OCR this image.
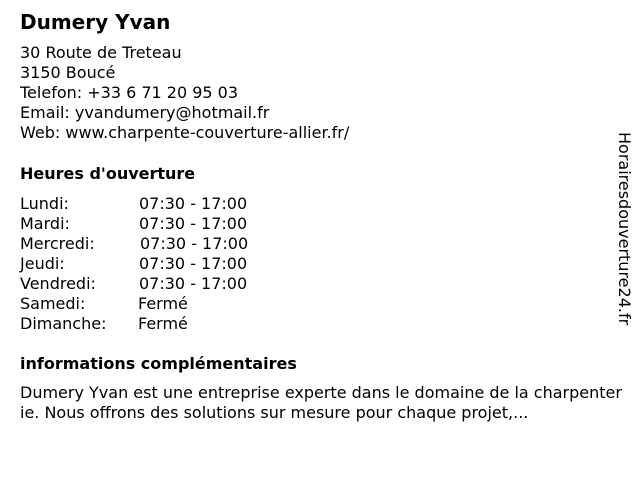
Dumery Yvan
30 Route de Treteau
3150 Boucé
Telefon: +33 6 71 20 95 03
Email: yvandumery@hotmail.fr
Web: www.charpente-couverture-allier.fr/
Heures d'ouverture
Lundi:	07:30 - 17:00
Mardi:	07:30 - 17:00
Mercredi:	07:30 - 17:00
Jeudi:	07:30 - 17:00
Vendredi:	07:30 - 17:00
Samedi:	Fermé
Dimanche: Fermé
informations complémentaires
Dumery Yvan est une entreprise experte dans le domaine de la charpenterie. Nous offrons des solutions sur mesure pour chaque projet,...
Horairesdouverture24.fr
